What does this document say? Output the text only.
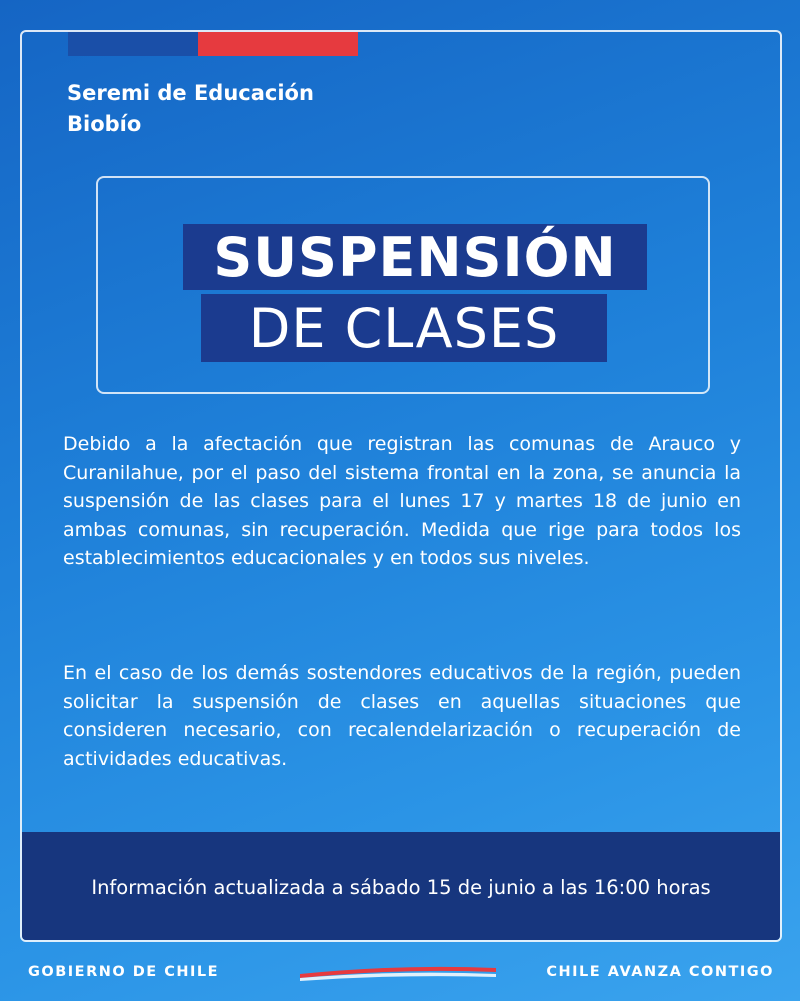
Seremi de Educación
Biobío
SUSPENSIÓN
DE CLASES
Debido a la afectación que registran las comunas de Arauco y Curanilahue, por el paso del sistema frontal en la zona, se anuncia la suspensión de las clases para el lunes 17 y martes 18 de junio en ambas comunas, sin recuperación. Medida que rige para todos los establecimientos educacionales y en todos sus niveles.
En el caso de los demás sostendores educativos de la región, pueden solicitar la suspensión de clases en aquellas situaciones que consideren necesario, con recalendelarización o recuperación de actividades educativas.
Información actualizada a sábado 15 de junio a las 16:00 horas
GOBIERNO DE CHILE	CHILE AVANZA CONTIGO
